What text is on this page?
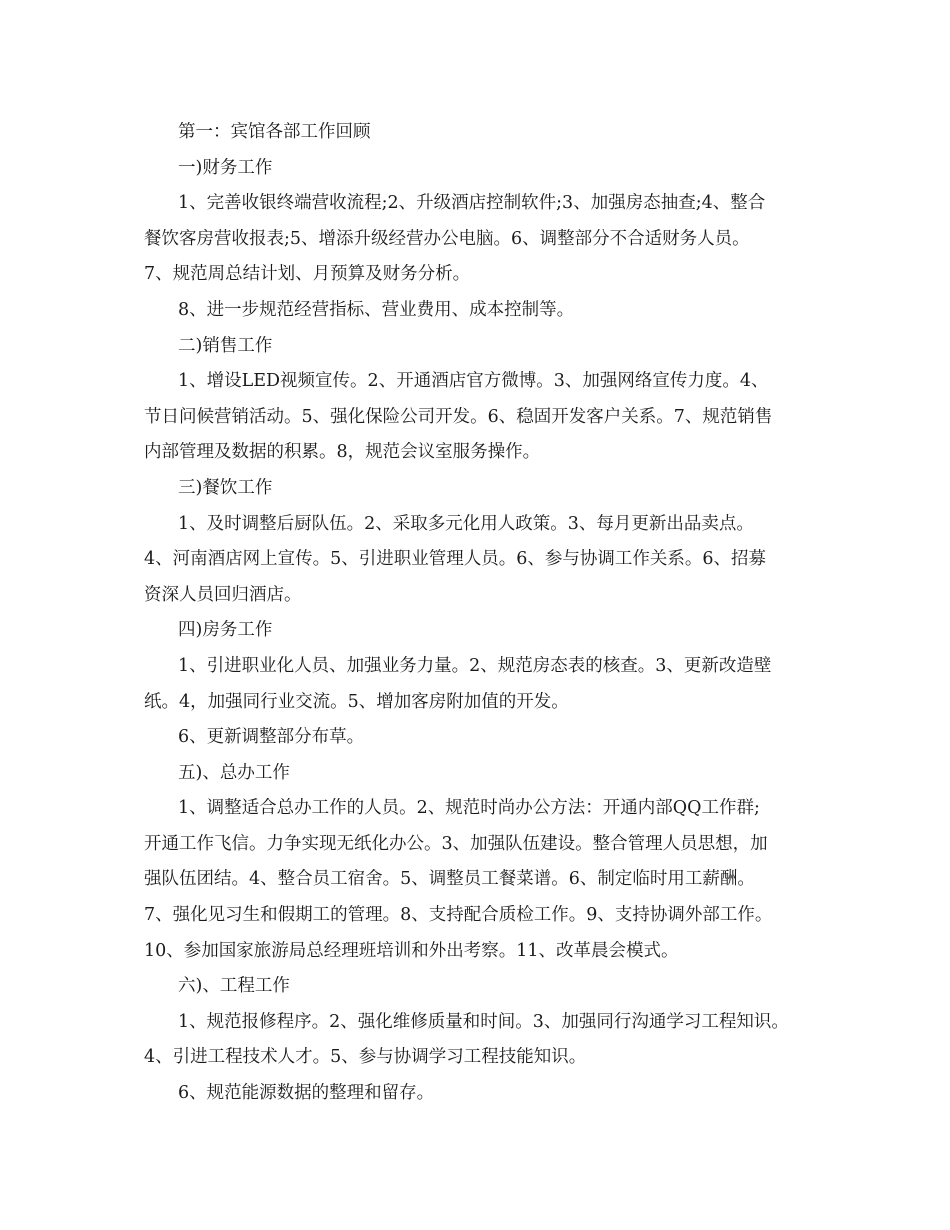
第一：宾馆各部工作回顾
一)财务工作
1、完善收银终端营收流程;2、升级酒店控制软件;3、加强房态抽查;4、整合
餐饮客房营收报表;5、增添升级经营办公电脑。6、调整部分不合适财务人员。
7、规范周总结计划、月预算及财务分析。
8、进一步规范经营指标、营业费用、成本控制等。
二)销售工作
1、增设LED视频宣传。2、开通酒店官方微博。3、加强网络宣传力度。4、
节日问候营销活动。5、强化保险公司开发。6、稳固开发客户关系。7、规范销售
内部管理及数据的积累。8，规范会议室服务操作。
三)餐饮工作
1、及时调整后厨队伍。2、采取多元化用人政策。3、每月更新出品卖点。
4、河南酒店网上宣传。5、引进职业管理人员。6、参与协调工作关系。6、招募
资深人员回归酒店。
四)房务工作
1、引进职业化人员、加强业务力量。2、规范房态表的核查。3、更新改造壁
纸。4，加强同行业交流。5、增加客房附加值的开发。
6、更新调整部分布草。
五)、总办工作
1、调整适合总办工作的人员。2、规范时尚办公方法：开通内部QQ工作群;
开通工作飞信。力争实现无纸化办公。3、加强队伍建设。整合管理人员思想，加
强队伍团结。4、整合员工宿舍。5、调整员工餐菜谱。6、制定临时用工薪酬。
7、强化见习生和假期工的管理。8、支持配合质检工作。9、支持协调外部工作。
10、参加国家旅游局总经理班培训和外出考察。11、改革晨会模式。
六)、工程工作
1、规范报修程序。2、强化维修质量和时间。3、加强同行沟通学习工程知识。
4、引进工程技术人才。5、参与协调学习工程技能知识。
6、规范能源数据的整理和留存。
